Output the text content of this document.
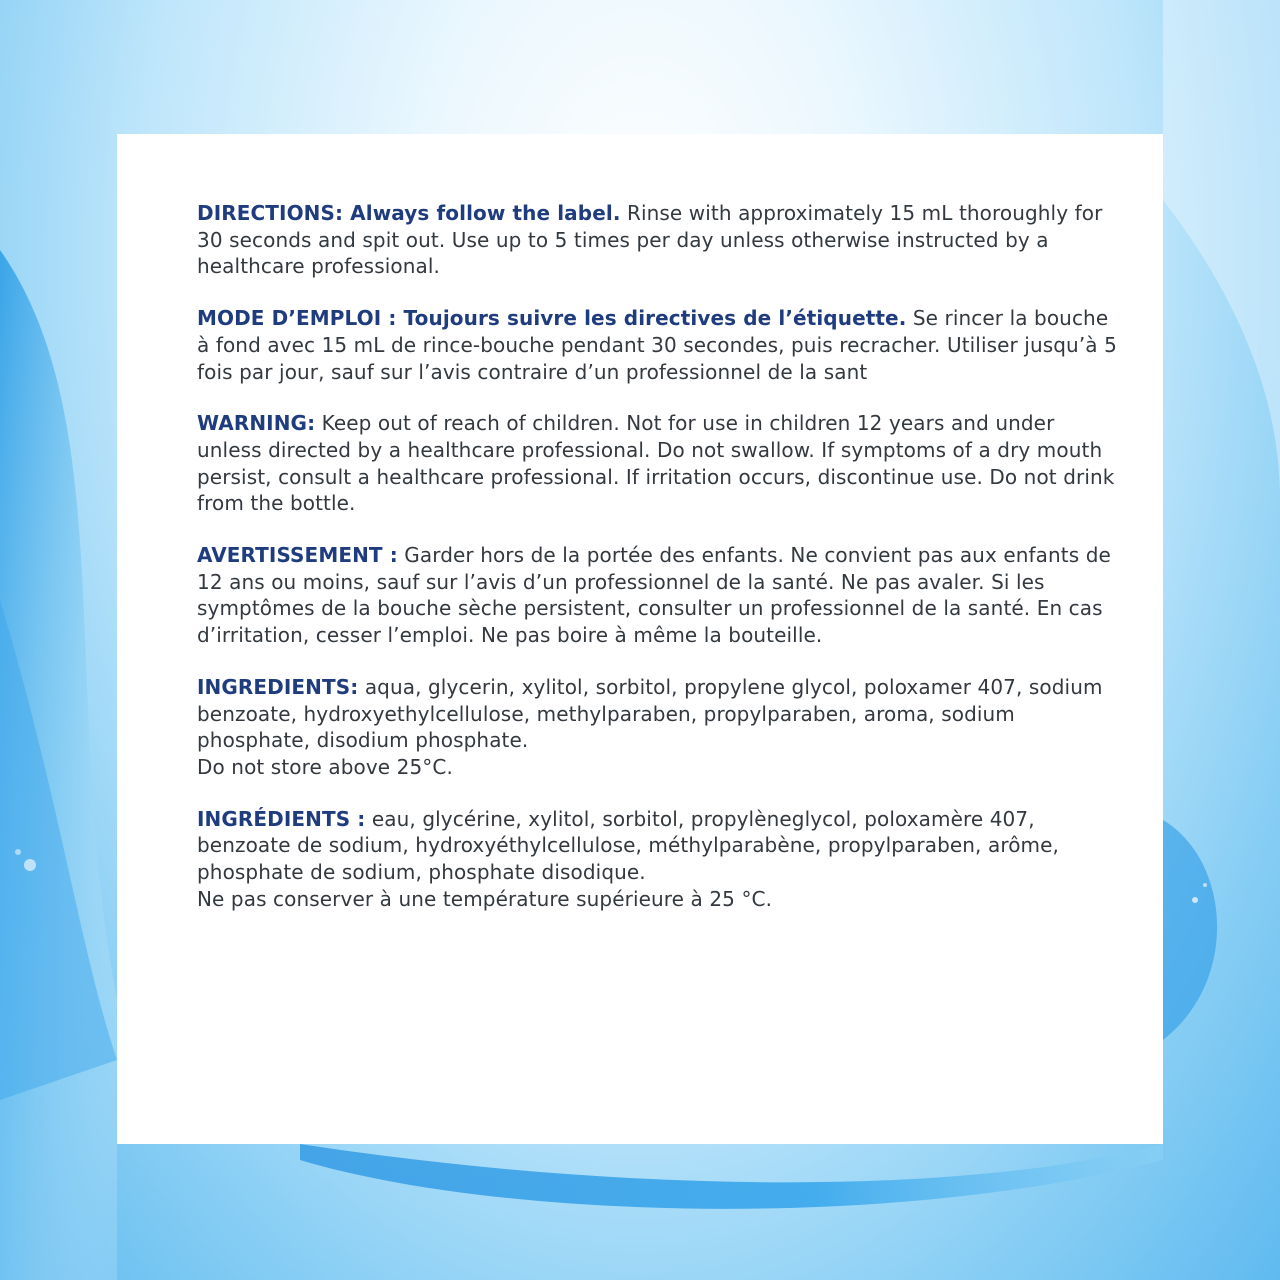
DIRECTIONS: Always follow the label. Rinse with approximately 15 mL thoroughly for 30 seconds and spit out. Use up to 5 times per day unless otherwise instructed by a healthcare professional.

MODE D’EMPLOI : Toujours suivre les directives de l’étiquette. Se rincer la bouche à fond avec 15 mL de rince-bouche pendant 30 secondes, puis recracher. Utiliser jusqu’à 5 fois par jour, sauf sur l’avis contraire d’un professionnel de la sant

WARNING: Keep out of reach of children. Not for use in children 12 years and under unless directed by a healthcare professional. Do not swallow. If symptoms of a dry mouth persist, consult a healthcare professional. If irritation occurs, discontinue use. Do not drink from the bottle.

AVERTISSEMENT : Garder hors de la portée des enfants. Ne convient pas aux enfants de 12 ans ou moins, sauf sur l’avis d’un professionnel de la santé. Ne pas avaler. Si les symptômes de la bouche sèche persistent, consulter un professionnel de la santé. En cas d’irritation, cesser l’emploi. Ne pas boire à même la bouteille.

INGREDIENTS: aqua, glycerin, xylitol, sorbitol, propylene glycol, poloxamer 407, sodium benzoate, hydroxyethylcellulose, methylparaben, propylparaben, aroma, sodium phosphate, disodium phosphate.
Do not store above 25°C.

INGRÉDIENTS : eau, glycérine, xylitol, sorbitol, propylèneglycol, poloxamère 407, benzoate de sodium, hydroxyéthylcellulose, méthylparabène, propylparaben, arôme, phosphate de sodium, phosphate disodique.
Ne pas conserver à une température supérieure à 25 °C.
